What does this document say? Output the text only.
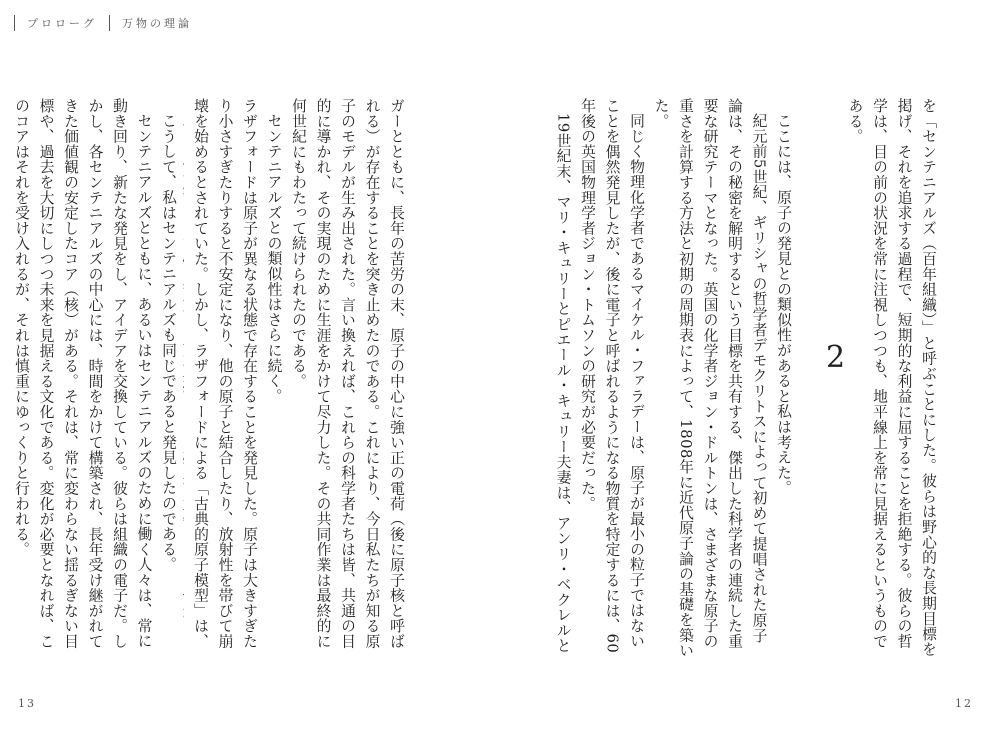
プロローグ 万物の理論

を「センテニアルズ（百年組織）」と呼ぶことにした。彼らは野心的な長期目標を掲げ、それを追求する過程で、短期的な利益に屈することを拒絶する。彼らの哲学は、目の前の状況を常に注視しつつも、地平線上を常に見据えるというものである。

2

ここには、原子の発見との類似性があると私は考えた。

紀元前5世紀、ギリシャの哲学者デモクリトスによって初めて提唱された原子論は、その秘密を解明するという目標を共有する、傑出した科学者の連続した重要な研究テーマとなった。英国の化学者ジョン・ドルトンは、さまざまな原子の重さを計算する方法と初期の周期表によって、1808年に近代原子論の基礎を築いた。

同じく物理化学者であるマイケル・ファラデーは、原子が最小の粒子ではないことを偶然発見したが、後に電子と呼ばれるようになる物質を特定するには、60年後の英国物理学者ジョン・トムソンの研究が必要だった。

19世紀末、マリ・キュリーとピエール・キュリー夫妻は、アンリ・ベクレルと

ガーとともに、長年の苦労の末、原子の中心に強い正の電荷（後に原子核と呼ばれる）が存在することを突き止めたのである。これにより、今日私たちが知る原子のモデルが生み出された。言い換えれば、これらの科学者たちは皆、共通の目的に導かれ、その実現のために生涯をかけて尽力した。その共同作業は最終的に何世紀にもわたって続けられたのである。

センテニアルズとの類似性はさらに続く。

ラザフォードは原子が異なる状態で存在することを発見した。原子は大きすぎたり小さすぎたりすると不安定になり、他の原子と結合したり、放射性を帯びて崩壊を始めるとされていた。しかし、ラザフォードによる「古典的原子模型」は、

こうして、私はセンテニアルズも同じであると発見したのである。

センテニアルズとともに、あるいはセンテニアルズのために働く人々は、常に動き回り、新たな発見をし、アイデアを交換している。彼らは組織の電子だ。しかし、各センテニアルズの中心には、時間をかけて構築され、長年受け継がれてきた価値観の安定したコア（核）がある。それは、常に変わらない揺るぎない目標や、過去を大切にしつつ未来を見据える文化である。変化が必要となれば、このコアはそれを受け入れるが、それは慎重にゆっくりと行われる。

13	12
